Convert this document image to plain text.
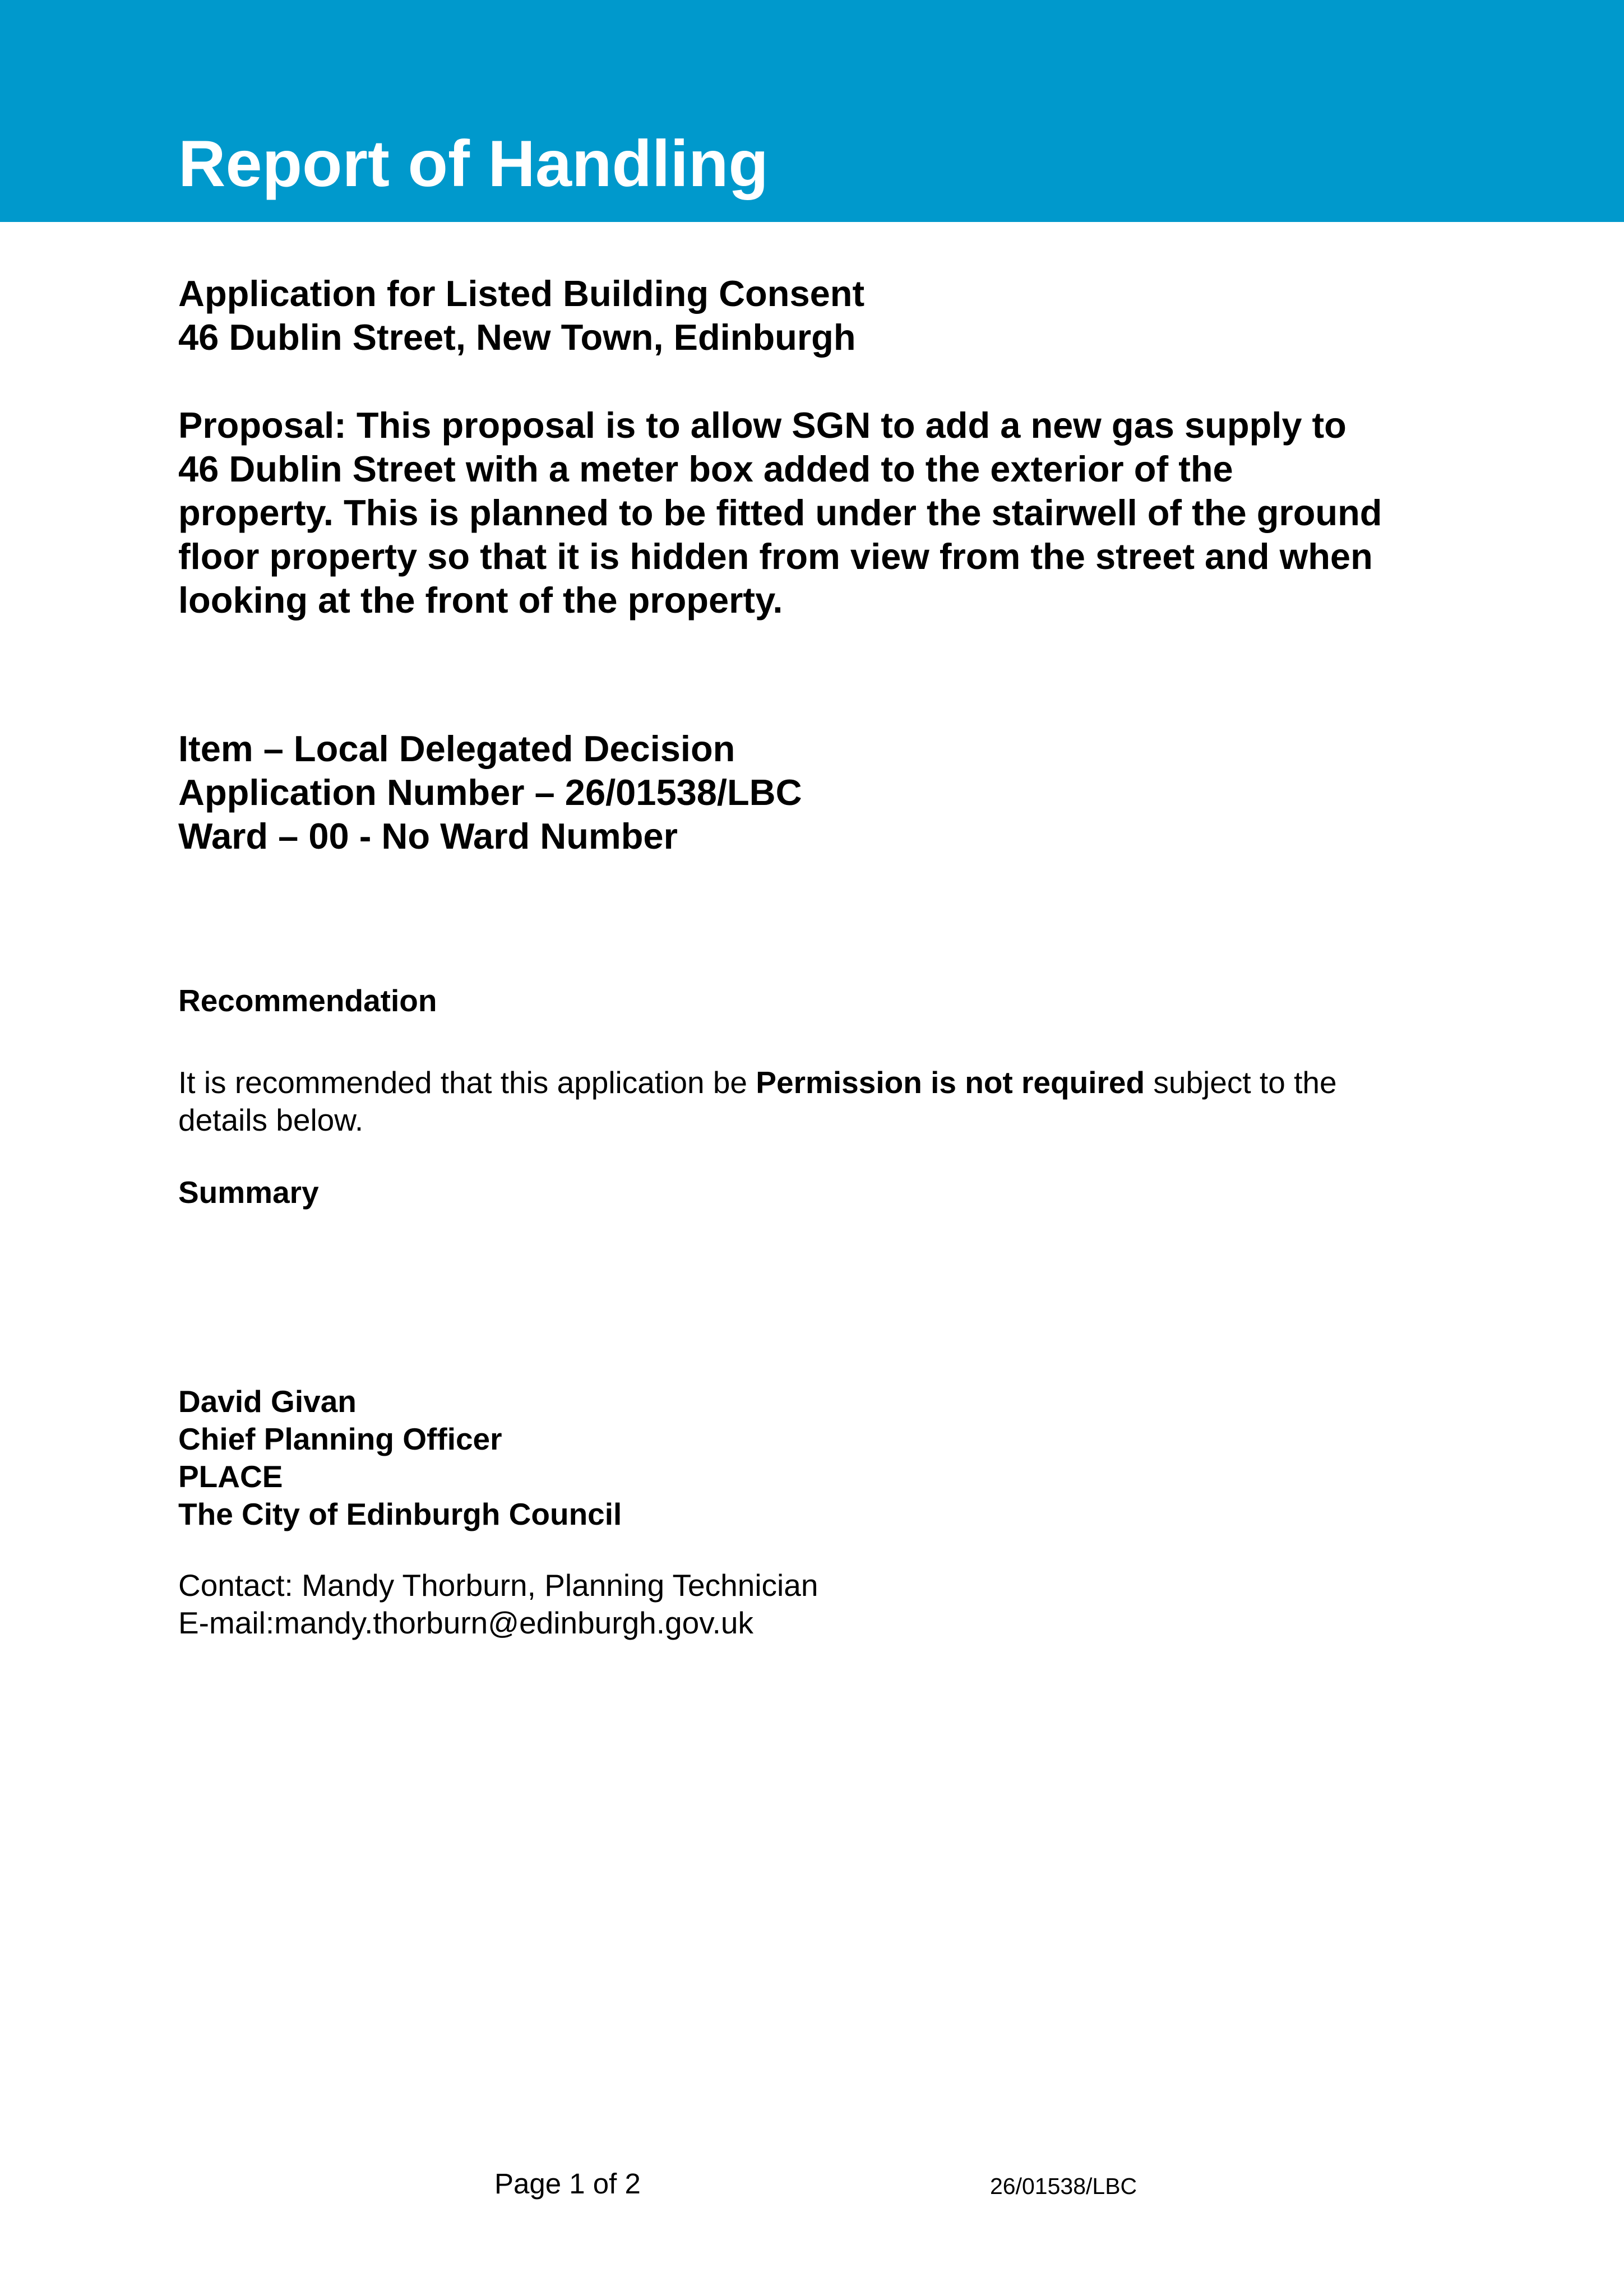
Report of Handling
Application for Listed Building Consent
46 Dublin Street, New Town, Edinburgh
Proposal: This proposal is to allow SGN to add a new gas supply to
46 Dublin Street with a meter box added to the exterior of the
property. This is planned to be fitted under the stairwell of the ground
floor property so that it is hidden from view from the street and when
looking at the front of the property.
Item – Local Delegated Decision
Application Number – 26/01538/LBC
Ward – 00 - No Ward Number
Recommendation
It is recommended that this application be Permission is not required subject to the
details below.
Summary
David Givan
Chief Planning Officer
PLACE
The City of Edinburgh Council
Contact: Mandy Thorburn, Planning Technician
E-mail:mandy.thorburn@edinburgh.gov.uk
Page 1 of 2	26/01538/LBC
